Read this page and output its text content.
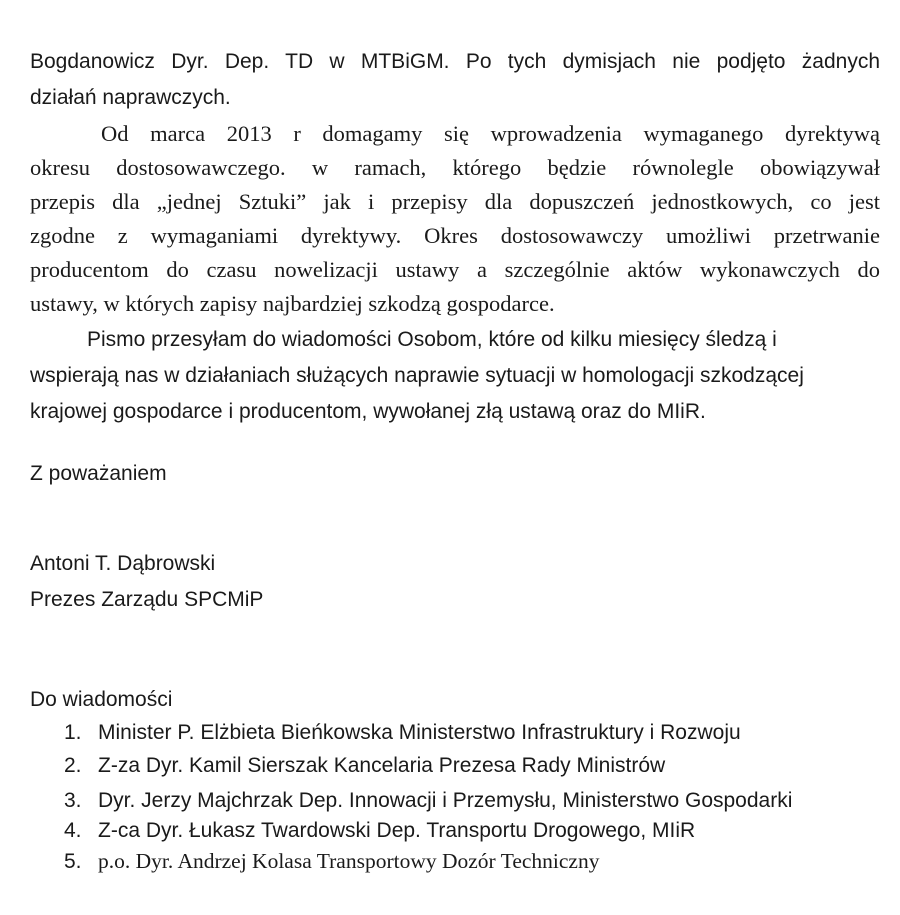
Bogdanowicz Dyr. Dep. TD w MTBiGM. Po tych dymisjach nie podjęto żadnych
działań naprawczych.
Od marca 2013 r domagamy się wprowadzenia wymaganego dyrektywą
okresu dostosowawczego. w ramach, którego będzie równolegle obowiązywał
przepis dla „jednej Sztuki” jak i przepisy dla dopuszczeń jednostkowych, co jest
zgodne z wymaganiami dyrektywy. Okres dostosowawczy umożliwi przetrwanie
producentom do czasu nowelizacji ustawy a szczególnie aktów wykonawczych do
ustawy, w których zapisy najbardziej szkodzą gospodarce.
Pismo przesyłam do wiadomości Osobom, które od kilku miesięcy śledzą i
wspierają nas w działaniach służących naprawie sytuacji w homologacji szkodzącej
krajowej gospodarce i producentom, wywołanej złą ustawą oraz do MIiR.
Z poważaniem
Antoni T. Dąbrowski
Prezes Zarządu SPCMiP
Do wiadomości
1. Minister P. Elżbieta Bieńkowska Ministerstwo Infrastruktury i Rozwoju
2. Z-za Dyr. Kamil Sierszak Kancelaria Prezesa Rady Ministrów
3. Dyr. Jerzy Majchrzak Dep. Innowacji i Przemysłu, Ministerstwo Gospodarki
4. Z-ca Dyr. Łukasz Twardowski Dep. Transportu Drogowego, MIiR
5. p.o. Dyr. Andrzej Kolasa Transportowy Dozór Techniczny
